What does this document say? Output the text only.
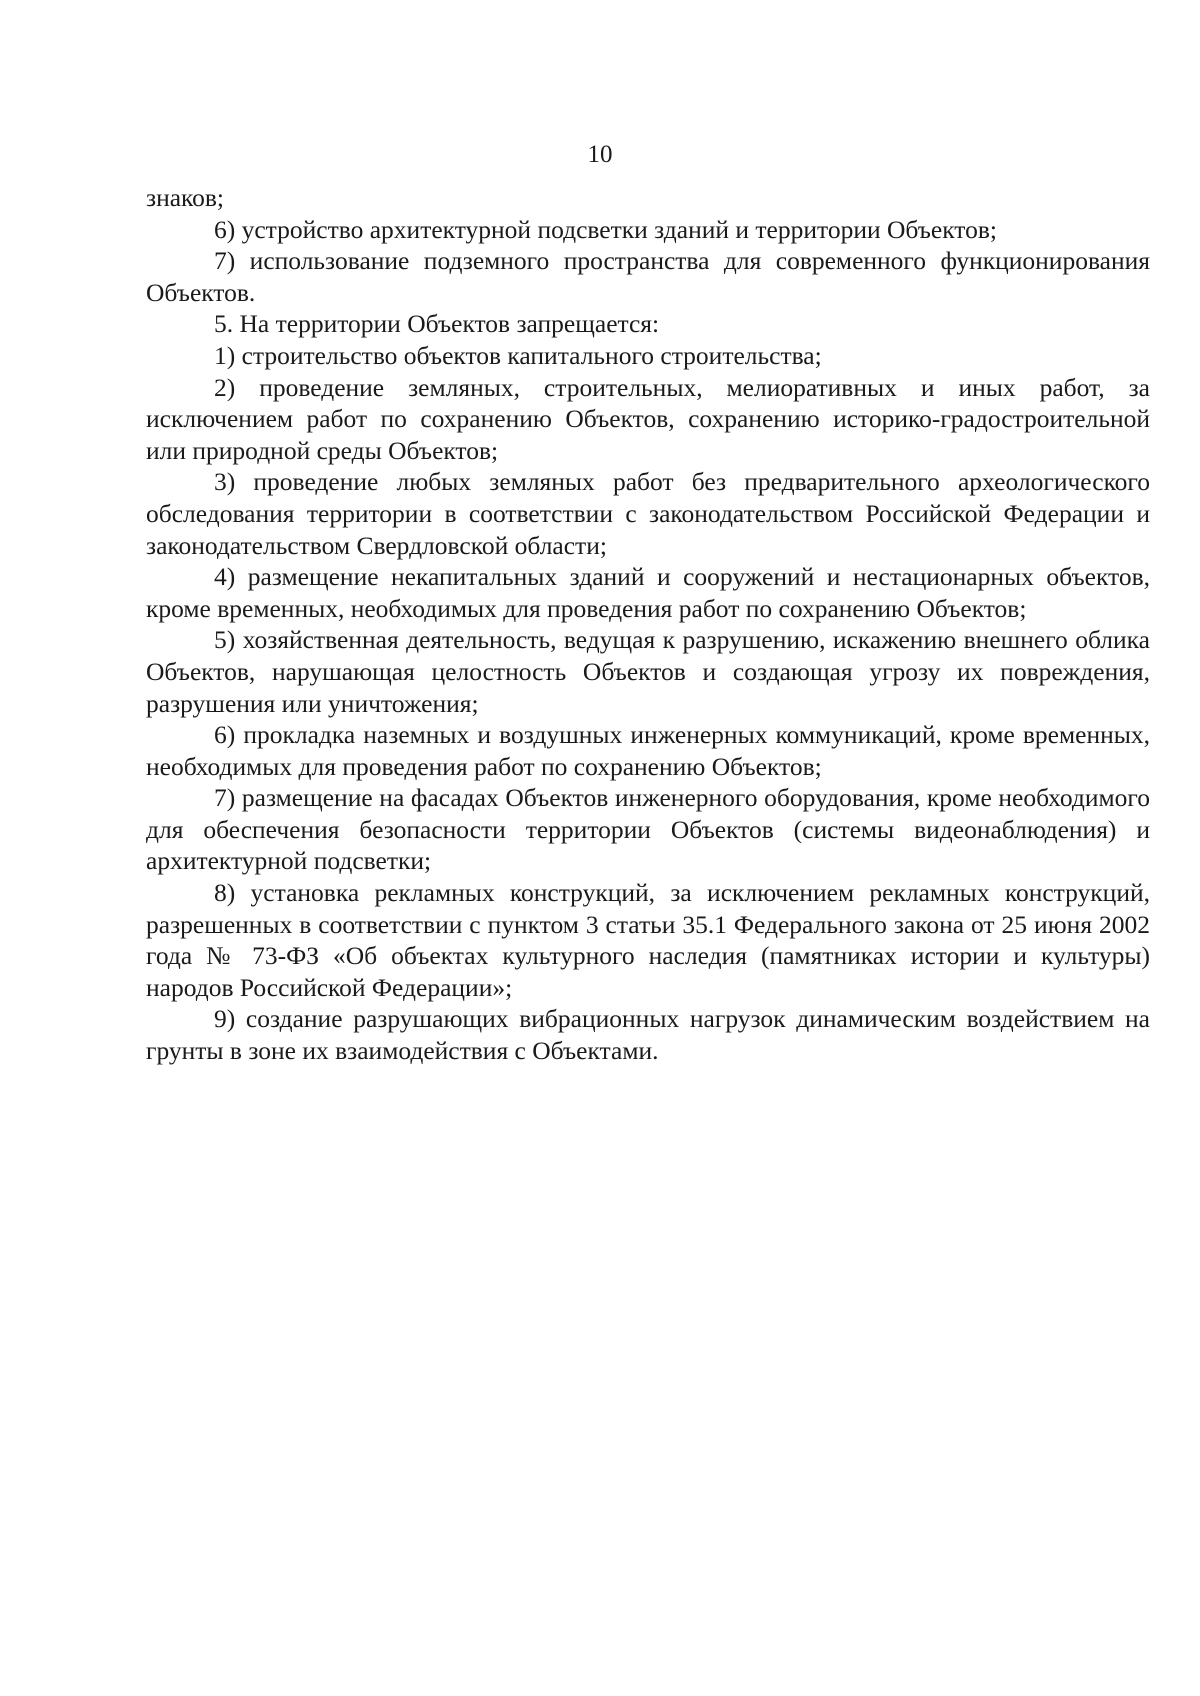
10

знаков;

6) устройство архитектурной подсветки зданий и территории Объектов;

7) использование подземного пространства для современного функционирования Объектов.

5. На территории Объектов запрещается:

1) строительство объектов капитального строительства;

2) проведение земляных, строительных, мелиоративных и иных работ, за исключением работ по сохранению Объектов, сохранению историко-градостроительной или природной среды Объектов;

3) проведение любых земляных работ без предварительного археологического обследования территории в соответствии с законодательством Российской Федерации и законодательством Свердловской области;

4) размещение некапитальных зданий и сооружений и нестационарных объектов, кроме временных, необходимых для проведения работ по сохранению Объектов;

5) хозяйственная деятельность, ведущая к разрушению, искажению внешнего облика Объектов, нарушающая целостность Объектов и создающая угрозу их повреждения, разрушения или уничтожения;

6) прокладка наземных и воздушных инженерных коммуникаций, кроме временных, необходимых для проведения работ по сохранению Объектов;

7) размещение на фасадах Объектов инженерного оборудования, кроме необходимого для обеспечения безопасности территории Объектов (системы видеонаблюдения) и архитектурной подсветки;

8) установка рекламных конструкций, за исключением рекламных конструкций, разрешенных в соответствии с пунктом 3 статьи 35.1 Федерального закона от 25 июня 2002 года № 73-ФЗ «Об объектах культурного наследия (памятниках истории и культуры) народов Российской Федерации»;

9) создание разрушающих вибрационных нагрузок динамическим воздействием на грунты в зоне их взаимодействия с Объектами.
